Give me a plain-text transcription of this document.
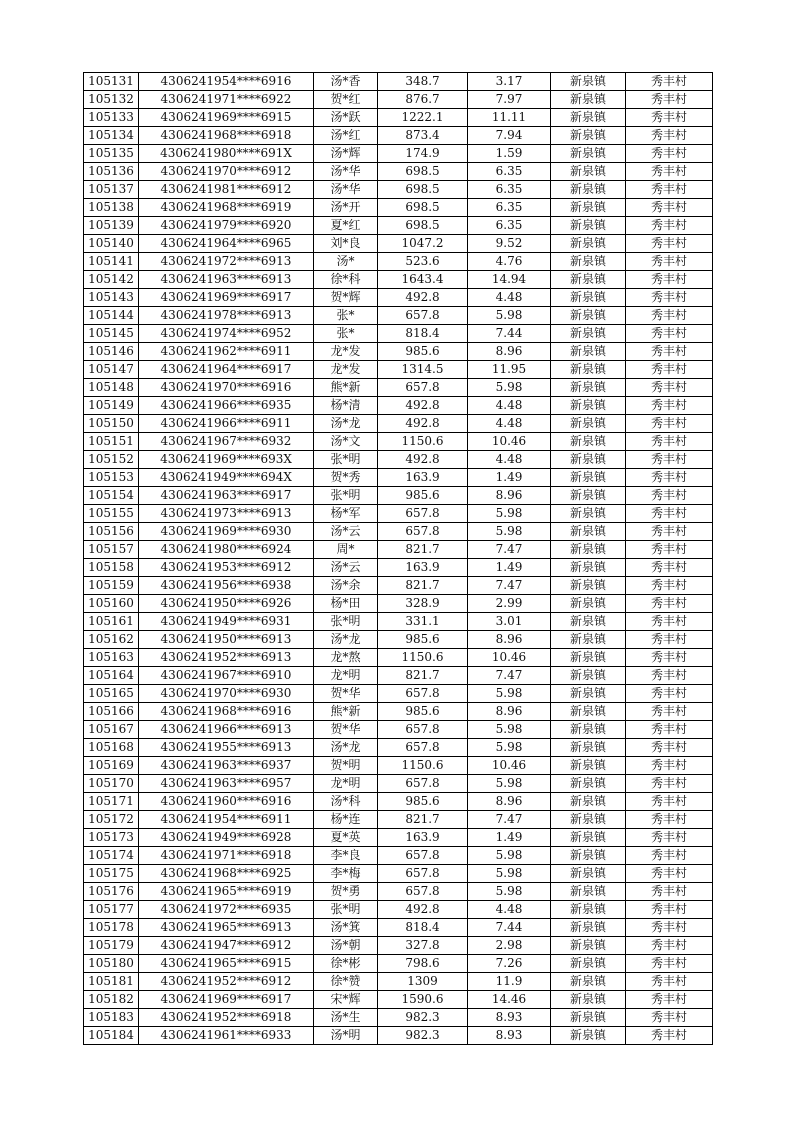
105131	4306241954****6916	汤*香	348.7	3.17	新泉镇	秀丰村
105132	4306241971****6922	贺*红	876.7	7.97	新泉镇	秀丰村
105133	4306241969****6915	汤*跃	1222.1	11.11	新泉镇	秀丰村
105134	4306241968****6918	汤*红	873.4	7.94	新泉镇	秀丰村
105135	4306241980****691X	汤*辉	174.9	1.59	新泉镇	秀丰村
105136	4306241970****6912	汤*华	698.5	6.35	新泉镇	秀丰村
105137	4306241981****6912	汤*华	698.5	6.35	新泉镇	秀丰村
105138	4306241968****6919	汤*开	698.5	6.35	新泉镇	秀丰村
105139	4306241979****6920	夏*红	698.5	6.35	新泉镇	秀丰村
105140	4306241964****6965	刘*良	1047.2	9.52	新泉镇	秀丰村
105141	4306241972****6913	汤*	523.6	4.76	新泉镇	秀丰村
105142	4306241963****6913	徐*科	1643.4	14.94	新泉镇	秀丰村
105143	4306241969****6917	贺*辉	492.8	4.48	新泉镇	秀丰村
105144	4306241978****6913	张*	657.8	5.98	新泉镇	秀丰村
105145	4306241974****6952	张*	818.4	7.44	新泉镇	秀丰村
105146	4306241962****6911	龙*发	985.6	8.96	新泉镇	秀丰村
105147	4306241964****6917	龙*发	1314.5	11.95	新泉镇	秀丰村
105148	4306241970****6916	熊*新	657.8	5.98	新泉镇	秀丰村
105149	4306241966****6935	杨*清	492.8	4.48	新泉镇	秀丰村
105150	4306241966****6911	汤*龙	492.8	4.48	新泉镇	秀丰村
105151	4306241967****6932	汤*文	1150.6	10.46	新泉镇	秀丰村
105152	4306241969****693X	张*明	492.8	4.48	新泉镇	秀丰村
105153	4306241949****694X	贺*秀	163.9	1.49	新泉镇	秀丰村
105154	4306241963****6917	张*明	985.6	8.96	新泉镇	秀丰村
105155	4306241973****6913	杨*军	657.8	5.98	新泉镇	秀丰村
105156	4306241969****6930	汤*云	657.8	5.98	新泉镇	秀丰村
105157	4306241980****6924	周*	821.7	7.47	新泉镇	秀丰村
105158	4306241953****6912	汤*云	163.9	1.49	新泉镇	秀丰村
105159	4306241956****6938	汤*余	821.7	7.47	新泉镇	秀丰村
105160	4306241950****6926	杨*田	328.9	2.99	新泉镇	秀丰村
105161	4306241949****6931	张*明	331.1	3.01	新泉镇	秀丰村
105162	4306241950****6913	汤*龙	985.6	8.96	新泉镇	秀丰村
105163	4306241952****6913	龙*熬	1150.6	10.46	新泉镇	秀丰村
105164	4306241967****6910	龙*明	821.7	7.47	新泉镇	秀丰村
105165	4306241970****6930	贺*华	657.8	5.98	新泉镇	秀丰村
105166	4306241968****6916	熊*新	985.6	8.96	新泉镇	秀丰村
105167	4306241966****6913	贺*华	657.8	5.98	新泉镇	秀丰村
105168	4306241955****6913	汤*龙	657.8	5.98	新泉镇	秀丰村
105169	4306241963****6937	贺*明	1150.6	10.46	新泉镇	秀丰村
105170	4306241963****6957	龙*明	657.8	5.98	新泉镇	秀丰村
105171	4306241960****6916	汤*科	985.6	8.96	新泉镇	秀丰村
105172	4306241954****6911	杨*连	821.7	7.47	新泉镇	秀丰村
105173	4306241949****6928	夏*英	163.9	1.49	新泉镇	秀丰村
105174	4306241971****6918	李*良	657.8	5.98	新泉镇	秀丰村
105175	4306241968****6925	李*梅	657.8	5.98	新泉镇	秀丰村
105176	4306241965****6919	贺*勇	657.8	5.98	新泉镇	秀丰村
105177	4306241972****6935	张*明	492.8	4.48	新泉镇	秀丰村
105178	4306241965****6913	汤*箕	818.4	7.44	新泉镇	秀丰村
105179	4306241947****6912	汤*朝	327.8	2.98	新泉镇	秀丰村
105180	4306241965****6915	徐*彬	798.6	7.26	新泉镇	秀丰村
105181	4306241952****6912	徐*赞	1309	11.9	新泉镇	秀丰村
105182	4306241969****6917	宋*辉	1590.6	14.46	新泉镇	秀丰村
105183	4306241952****6918	汤*生	982.3	8.93	新泉镇	秀丰村
105184	4306241961****6933	汤*明	982.3	8.93	新泉镇	秀丰村
